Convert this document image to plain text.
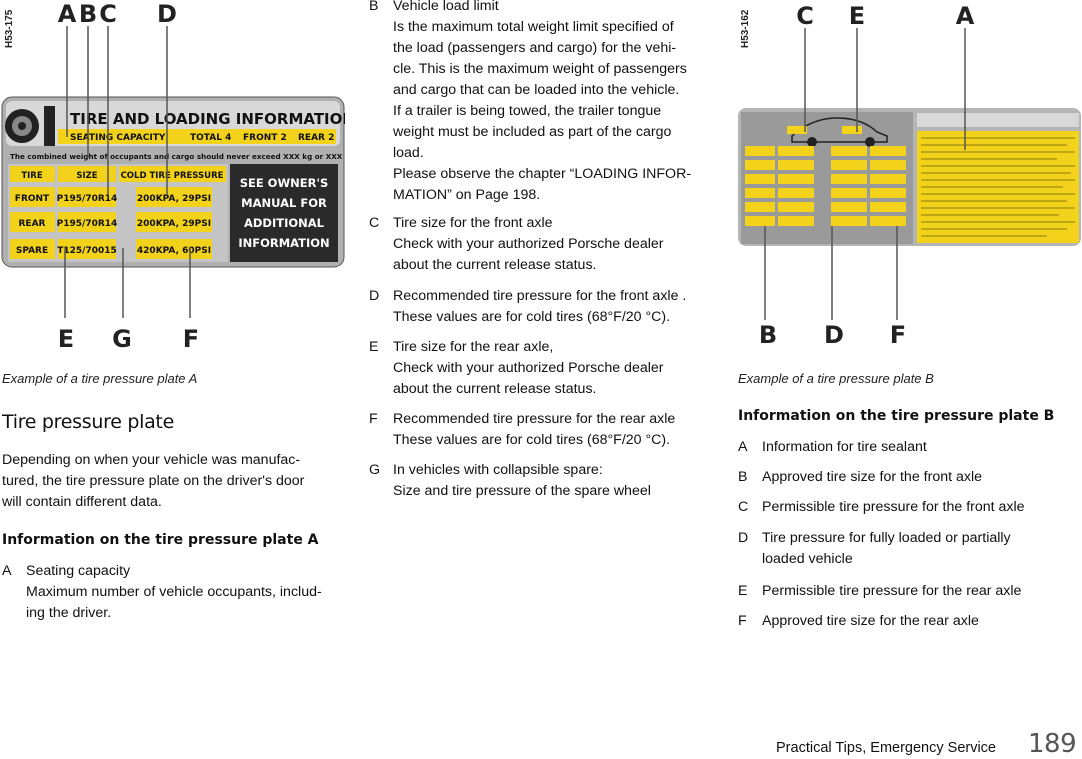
H53-175 A B C D
TIRE AND LOADING INFORMATION
SEATING CAPACITY	TOTAL 4 FRONT 2 REAR 2
The combined weight of occupants and cargo should never exceed XXX kg or XXX lbs*
TIRE	SIZE	COLD TIRE PRESSURE
FRONT P195/70R14 200KPA, 29PSI
REAR P195/70R14 200KPA, 29PSI
SPARE T125/70015 420KPA, 60PSI
SEE OWNER'S
MANUAL FOR
ADDITIONAL
INFORMATION
E G F
Example of a tire pressure plate A
Tire pressure plate
Depending on when your vehicle was manufac-
tured, the tire pressure plate on the driver's door
will contain different data.
Information on the tire pressure plate A
A Seating capacity
Maximum number of vehicle occupants, includ-
ing the driver.
B Vehicle load limit
Is the maximum total weight limit specified of
the load (passengers and cargo) for the vehi-
cle. This is the maximum weight of passengers
and cargo that can be loaded into the vehicle.
If a trailer is being towed, the trailer tongue
weight must be included as part of the cargo
load.
Please observe the chapter “LOADING INFOR-
MATION” on Page 198.
C Tire size for the front axle
Check with your authorized Porsche dealer
about the current release status.
D Recommended tire pressure for the front axle .
These values are for cold tires (68°F/20 °C).
E Tire size for the rear axle,
Check with your authorized Porsche dealer
about the current release status.
F Recommended tire pressure for the rear axle
These values are for cold tires (68°F/20 °C).
G In vehicles with collapsible spare:
Size and tire pressure of the spare wheel
H53-162 C E	A
B D F
Example of a tire pressure plate B
Information on the tire pressure plate B
A Information for tire sealant
B Approved tire size for the front axle
C Permissible tire pressure for the front axle
D Tire pressure for fully loaded or partially
loaded vehicle
E Permissible tire pressure for the rear axle
F Approved tire size for the rear axle
Practical Tips, Emergency Service 189
